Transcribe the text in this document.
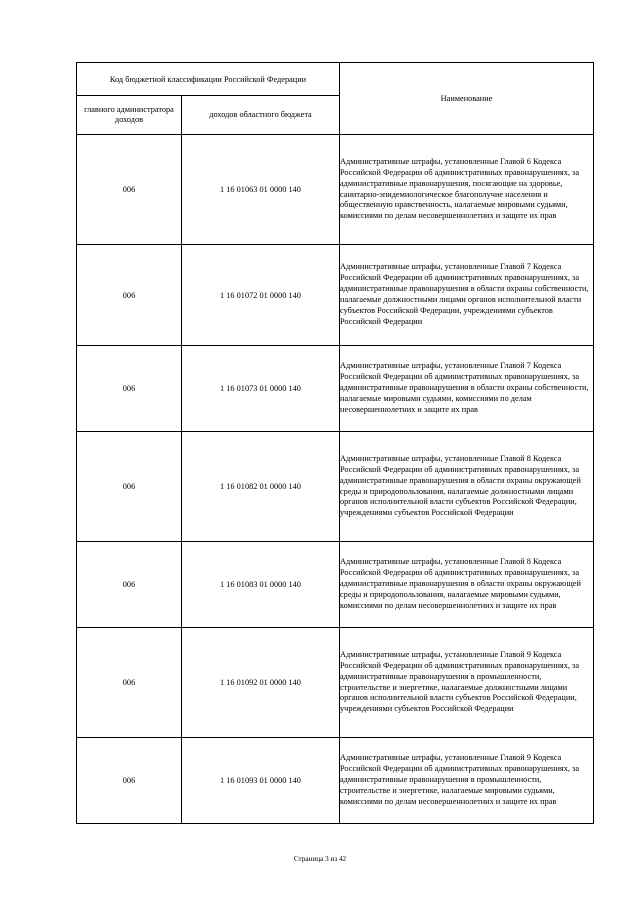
Код бюджетной классификации Российской Федерации		Наименование
главного администратора доходов	доходов областного бюджета	
006	1 16 01063 01 0000 140	Административные штрафы, установленные Главой 6 Кодекса Российской Федерации об административных правонарушениях, за административные правонарушения, посягающие на здоровье, санитарно-эпидемиологическое благополучие населения и общественную нравственность, налагаемые мировыми судьями, комиссиями по делам несовершеннолетних и защите их прав
006	1 16 01072 01 0000 140	Административные штрафы, установленные Главой 7 Кодекса Российской Федерации об административных правонарушениях, за административные правонарушения в области охраны собственности, налагаемые должностными лицами органов исполнительной власти субъектов Российской Федерации, учреждениями субъектов Российской Федерации
006	1 16 01073 01 0000 140	Административные штрафы, установленные Главой 7 Кодекса Российской Федерации об административных правонарушениях, за административные правонарушения в области охраны собственности, налагаемые мировыми судьями, комиссиями по делам несовершеннолетних и защите их прав
006	1 16 01082 01 0000 140	Административные штрафы, установленные Главой 8 Кодекса Российской Федерации об административных правонарушениях, за административные правонарушения в области охраны окружающей среды и природопользования, налагаемые должностными лицами органов исполнительной власти субъектов Российской Федерации, учреждениями субъектов Российской Федерации
006	1 16 01083 01 0000 140	Административные штрафы, установленные Главой 8 Кодекса Российской Федерации об административных правонарушениях, за административные правонарушения в области охраны окружающей среды и природопользования, налагаемые мировыми судьями, комиссиями по делам несовершеннолетних и защите их прав
006	1 16 01092 01 0000 140	Административные штрафы, установленные Главой 9 Кодекса Российской Федерации об административных правонарушениях, за административные правонарушения в промышленности, строительстве и энергетике, налагаемые должностными лицами органов исполнительной власти субъектов Российской Федерации, учреждениями субъектов Российской Федерации
006	1 16 01093 01 0000 140	Административные штрафы, установленные Главой 9 Кодекса Российской Федерации об административных правонарушениях, за административные правонарушения в промышленности, строительстве и энергетике, налагаемые мировыми судьями, комиссиями по делам несовершеннолетних и защите их прав
Страница 3 из 42
